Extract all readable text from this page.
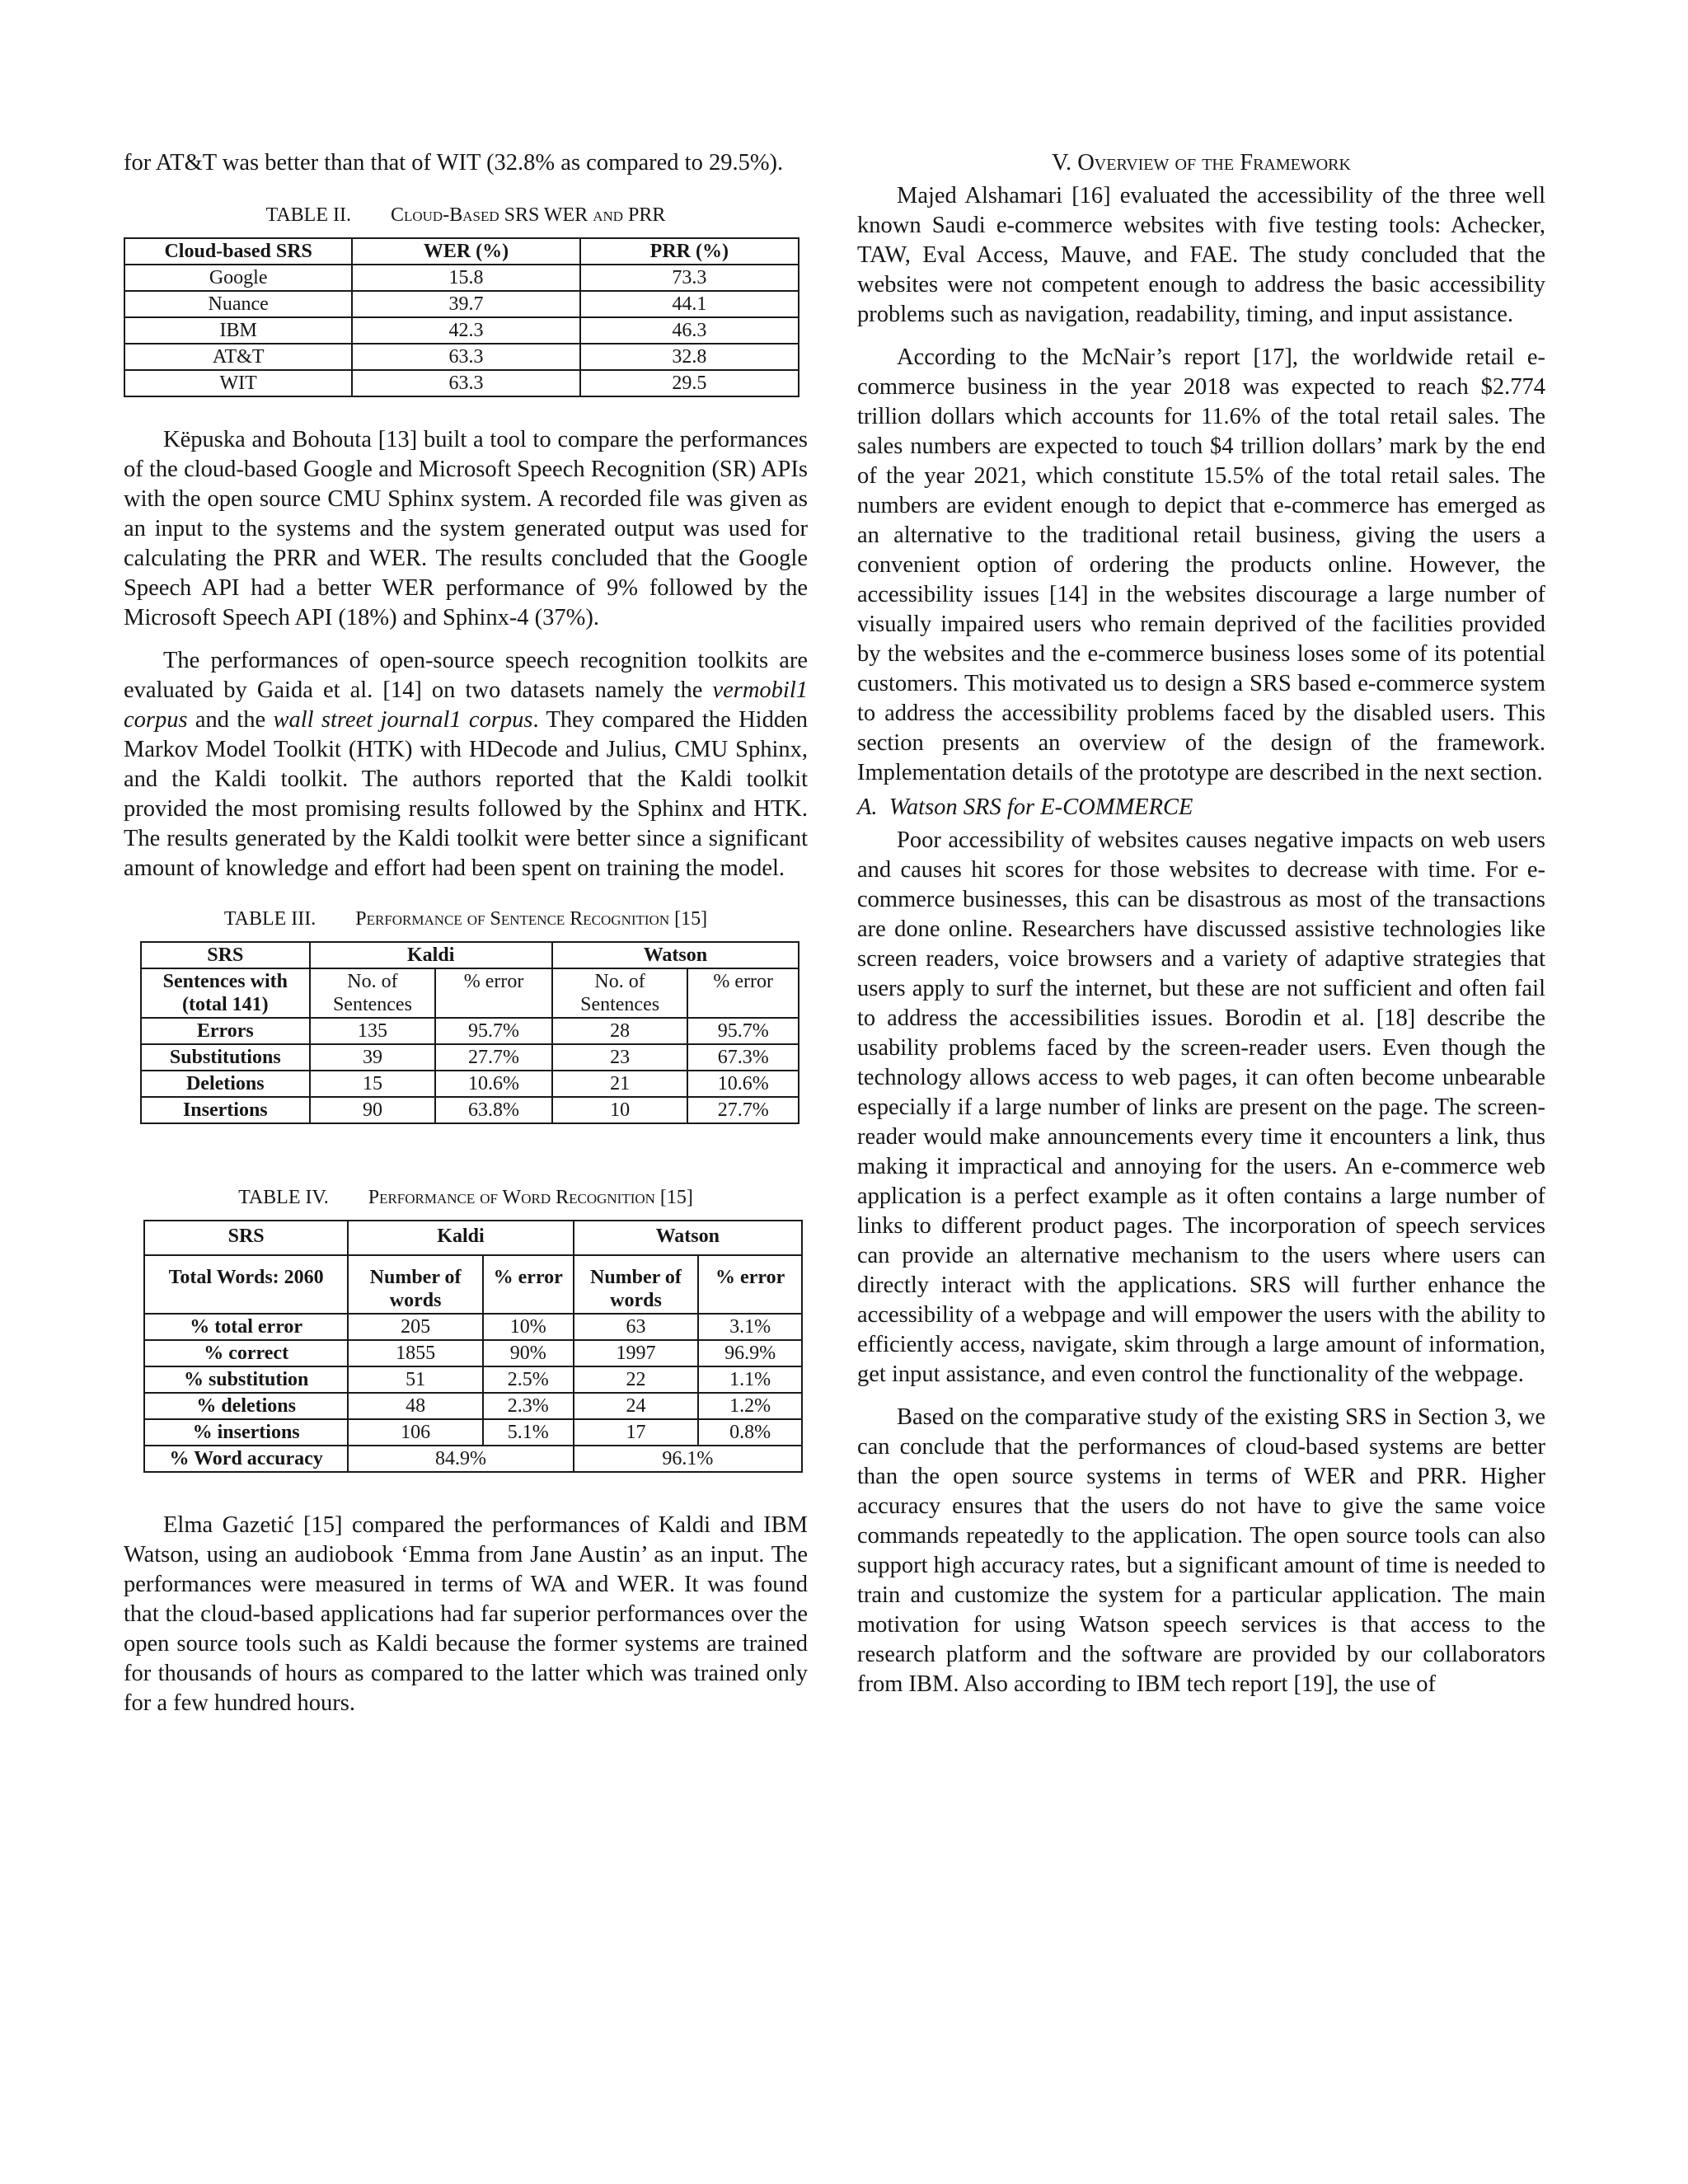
for AT&T was better than that of WIT (32.8% as compared to 29.5%).

TABLE II. Cloud-Based SRS WER and PRR

Cloud-based SRS	WER (%)	PRR (%)
Google	15.8	73.3
Nuance	39.7	44.1
IBM	42.3	46.3
AT&T	63.3	32.8
WIT	63.3	29.5

Këpuska and Bohouta [13] built a tool to compare the performances of the cloud-based Google and Microsoft Speech Recognition (SR) APIs with the open source CMU Sphinx system. A recorded file was given as an input to the systems and the system generated output was used for calculating the PRR and WER. The results concluded that the Google Speech API had a better WER performance of 9% followed by the Microsoft Speech API (18%) and Sphinx-4 (37%).

The performances of open-source speech recognition toolkits are evaluated by Gaida et al. [14] on two datasets namely the vermobil1 corpus and the wall street journal1 corpus. They compared the Hidden Markov Model Toolkit (HTK) with HDecode and Julius, CMU Sphinx, and the Kaldi toolkit. The authors reported that the Kaldi toolkit provided the most promising results followed by the Sphinx and HTK. The results generated by the Kaldi toolkit were better since a significant amount of knowledge and effort had been spent on training the model.

TABLE III. Performance of Sentence Recognition [15]

SRS	Kaldi		Watson	
Sentences with (total 141)	No. of Sentences	% error	No. of Sentences	% error
Errors	135	95.7%	28	95.7%
Substitutions	39	27.7%	23	67.3%
Deletions	15	10.6%	21	10.6%
Insertions	90	63.8%	10	27.7%

TABLE IV. Performance of Word Recognition [15]

SRS	Kaldi		Watson	
Total Words: 2060	Number of words	% error	Number of words	% error
% total error	205	10%	63	3.1%
% correct	1855	90%	1997	96.9%
% substitution	51	2.5%	22	1.1%
% deletions	48	2.3%	24	1.2%
% insertions	106	5.1%	17	0.8%
% Word accuracy	84.9%		96.1%	

Elma Gazetić [15] compared the performances of Kaldi and IBM Watson, using an audiobook ‘Emma from Jane Austin’ as an input. The performances were measured in terms of WA and WER. It was found that the cloud-based applications had far superior performances over the open source tools such as Kaldi because the former systems are trained for thousands of hours as compared to the latter which was trained only for a few hundred hours.

V. Overview of the Framework

Majed Alshamari [16] evaluated the accessibility of the three well known Saudi e-commerce websites with five testing tools: Achecker, TAW, Eval Access, Mauve, and FAE. The study concluded that the websites were not competent enough to address the basic accessibility problems such as navigation, readability, timing, and input assistance.

According to the McNair’s report [17], the worldwide retail e-commerce business in the year 2018 was expected to reach $2.774 trillion dollars which accounts for 11.6% of the total retail sales. The sales numbers are expected to touch $4 trillion dollars’ mark by the end of the year 2021, which constitute 15.5% of the total retail sales. The numbers are evident enough to depict that e-commerce has emerged as an alternative to the traditional retail business, giving the users a convenient option of ordering the products online. However, the accessibility issues [14] in the websites discourage a large number of visually impaired users who remain deprived of the facilities provided by the websites and the e-commerce business loses some of its potential customers. This motivated us to design a SRS based e-commerce system to address the accessibility problems faced by the disabled users. This section presents an overview of the design of the framework. Implementation details of the prototype are described in the next section.

A.  Watson SRS for E-COMMERCE

Poor accessibility of websites causes negative impacts on web users and causes hit scores for those websites to decrease with time. For e-commerce businesses, this can be disastrous as most of the transactions are done online. Researchers have discussed assistive technologies like screen readers, voice browsers and a variety of adaptive strategies that users apply to surf the internet, but these are not sufficient and often fail to address the accessibilities issues. Borodin et al. [18] describe the usability problems faced by the screen-reader users. Even though the technology allows access to web pages, it can often become unbearable especially if a large number of links are present on the page. The screen-reader would make announcements every time it encounters a link, thus making it impractical and annoying for the users. An e-commerce web application is a perfect example as it often contains a large number of links to different product pages. The incorporation of speech services can provide an alternative mechanism to the users where users can directly interact with the applications. SRS will further enhance the accessibility of a webpage and will empower the users with the ability to efficiently access, navigate, skim through a large amount of information, get input assistance, and even control the functionality of the webpage.

Based on the comparative study of the existing SRS in Section 3, we can conclude that the performances of cloud-based systems are better than the open source systems in terms of WER and PRR. Higher accuracy ensures that the users do not have to give the same voice commands repeatedly to the application. The open source tools can also support high accuracy rates, but a significant amount of time is needed to train and customize the system for a particular application. The main motivation for using Watson speech services is that access to the research platform and the software are provided by our collaborators from IBM. Also according to IBM tech report [19], the use of
